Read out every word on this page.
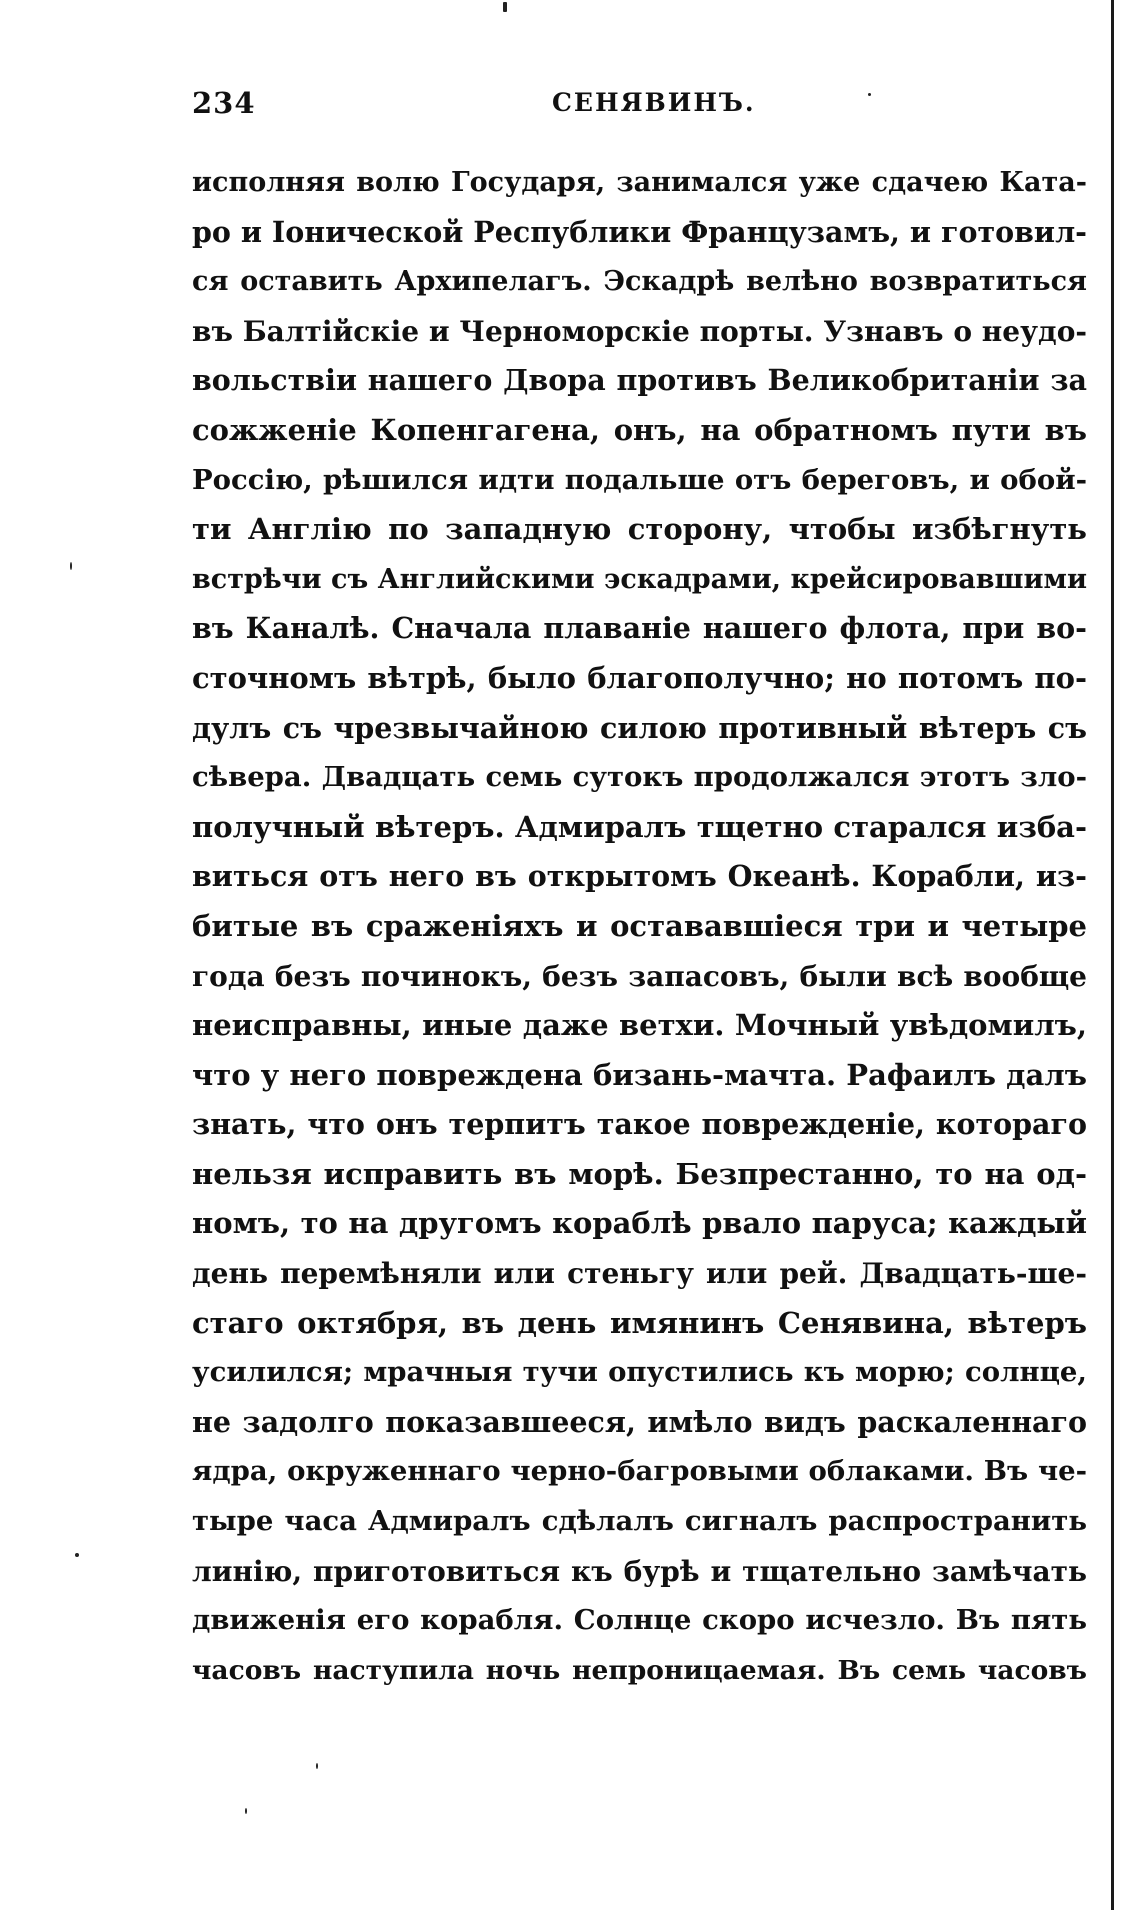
234	СЕНЯВИНЪ.
исполняя волю Государя, занимался уже сдачею Ката-
ро и Іонической Республики Французамъ, и готовил-
ся оставить Архипелагъ. Эскадрѣ велѣно возвратиться
въ Балтійскіе и Черноморскіе порты. Узнавъ о неудо-
вольствіи нашего Двора противъ Великобританіи за
сожженіе Копенгагена, онъ, на обратномъ пути въ
Россію, рѣшился идти подальше отъ береговъ, и обой-
ти Англію по западную сторону, чтобы избѣгнуть
встрѣчи съ Английскими эскадрами, крейсировавшими
въ Каналѣ. Сначала плаваніе нашего флота, при во-
сточномъ вѣтрѣ, было благополучно; но потомъ по-
дулъ съ чрезвычайною силою противный вѣтеръ съ
сѣвера. Двадцать семь сутокъ продолжался этотъ зло-
получный вѣтеръ. Адмиралъ тщетно старался изба-
виться отъ него въ открытомъ Океанѣ. Корабли, из-
битые въ сраженіяхъ и остававшіеся три и четыре
года безъ починокъ, безъ запасовъ, были всѣ вообще
неисправны, иные даже ветхи. Мочный увѣдомилъ,
что у него повреждена бизань-мачта. Рафаилъ далъ
знать, что онъ терпитъ такое поврежденіе, котораго
нельзя исправить въ морѣ. Безпрестанно, то на од-
номъ, то на другомъ кораблѣ рвало паруса; каждый
день перемѣняли или стеньгу или рей. Двадцать-ше-
стаго октября, въ день имянинъ Сенявина, вѣтеръ
усилился; мрачныя тучи опустились къ морю; солнце,
не задолго показавшееся, имѣло видъ раскаленнаго
ядра, окруженнаго черно-багровыми облаками. Въ че-
тыре часа Адмиралъ сдѣлалъ сигналъ распространить
линію, приготовиться къ бурѣ и тщательно замѣчать
движенія его корабля. Солнце скоро исчезло. Въ пять
часовъ наступила ночь непроницаемая. Въ семь часовъ
